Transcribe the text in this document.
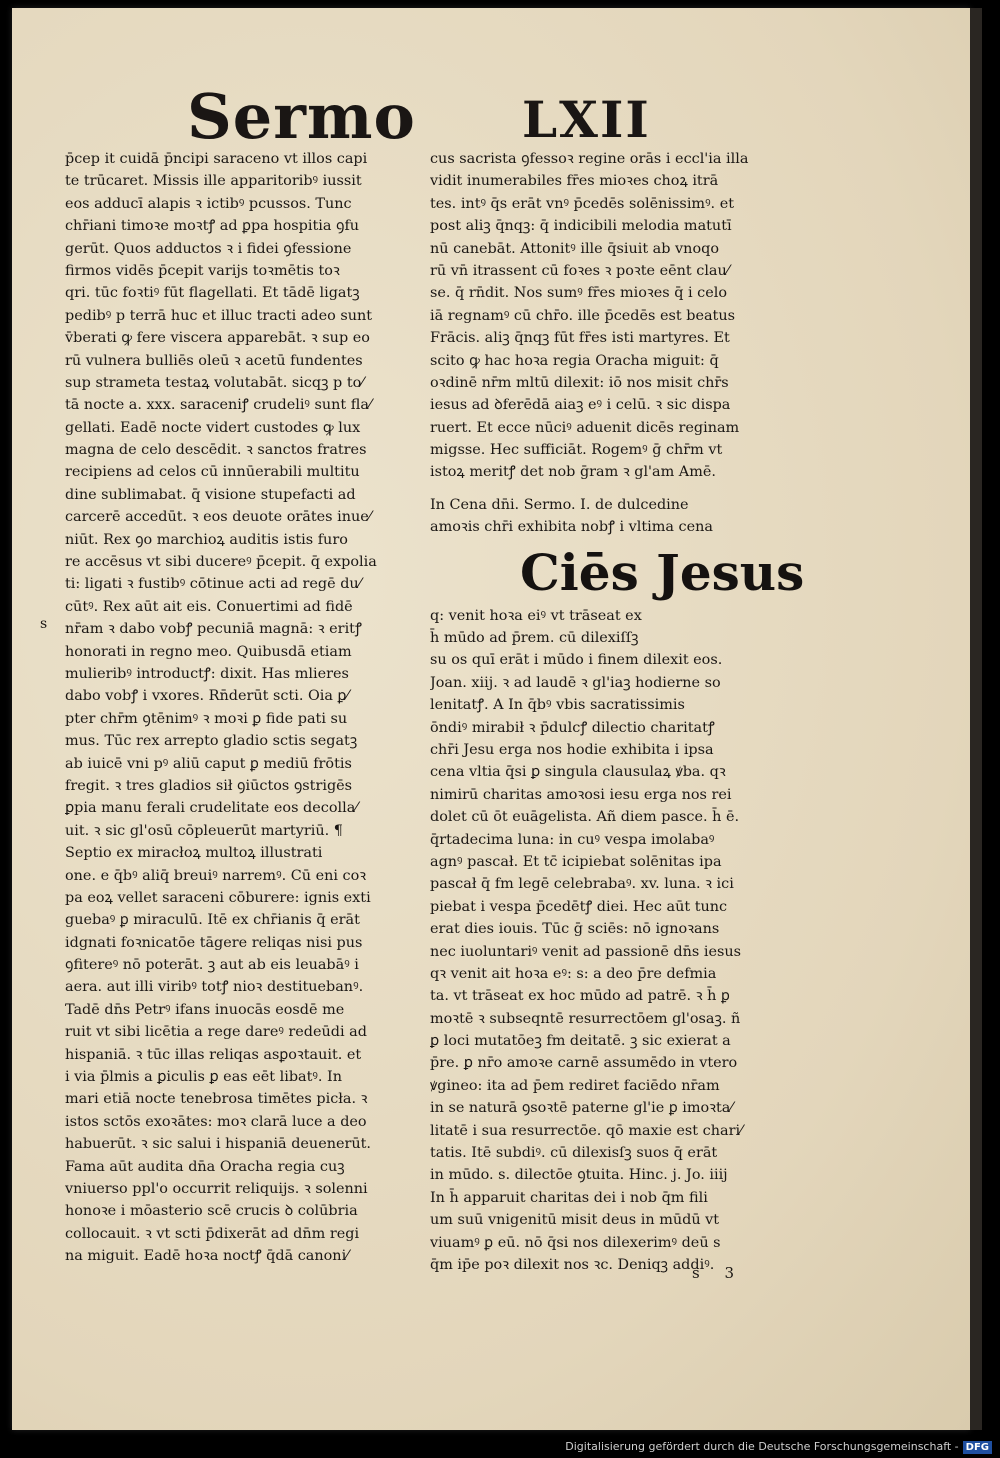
Sermo LXII
p̄cep it cuidā p̄ncipi saraceno vt illos capi
te trūcaret. Missis ille apparitoribꝰ iussit
eos adducī alapis ꝛ ictibꝰ pcussos. Tunc
chr̄iani timoꝛe moꝛtꝭ ad ꝑpa hospitia ꝯfu
gerūt. Quos adductos ꝛ i fidei ꝯfessione
firmos vidēs p̄cepit varijs toꝛmētis toꝛ
qri. tūc foꝛtiꝰ fūt flagellati. Et tādē ligatꝫ
pedibꝰ p terrā huc et illuc tracti adeo sunt
v̄berati ꝙ fere viscera apparebāt. ꝛ sup eo
rū vulnera bulliēs oleū ꝛ acetū fundentes
sup strameta testaꝝ volutabāt. sicqꝫ p to⁄
tā nocte a. xxx. saraceniꝭ crudeliꝰ sunt fla⁄
gellati. Eadē nocte vidert custodes ꝙ lux
magna de celo descēdit. ꝛ sanctos fratres
recipiens ad celos cū innūerabili multitu
dine sublimabat. q̄ visione stupefacti ad
carcerē accedūt. ꝛ eos deuote orātes inue⁄
niūt. Rex ꝯo marchioꝝ auditis istis furo
re accēsus vt sibi ducereꝰ p̄cepit. q̄ expolia
ti: ligati ꝛ fustibꝰ cōtinue acti ad regē du⁄
cūtꝰ. Rex aūt ait eis. Conuertimi ad fidē
nr̄am ꝛ dabo vobꝭ pecuniā magnā: ꝛ eritꝭ
honorati in regno meo. Quibusdā etiam
mulieribꝰ introductꝭ: dixit. Has mlieres
dabo vobꝭ i vxores. Rn̄derūt scti. Oia ꝑ⁄
pter chr̄m ꝯtēnimꝰ ꝛ moꝛi ꝑ fide pati su
mus. Tūc rex arrepto gladio sctis segatꝫ
ab iuicē vni pꝰ aliū caput ꝑ mediū frōtis
fregit. ꝛ tres gladios sił ꝯiūctos ꝯstrigēs
ꝑpia manu ferali crudelitate eos decolla⁄
uit. ꝛ sic gl'osū cōpleuerūt martyriū. ¶
Septio ex miracłoꝝ multoꝝ illustrati
one. e q̄bꝰ aliq̄ breuiꝰ narremꝰ. Cū eni coꝛ
pa eoꝝ vellet saraceni cōburere: ignis exti
guebaꝰ ꝑ miraculū. Itē ex chr̄ianis q̄ erāt
idgnati foꝛnicatōe tāgere reliqas nisi pus
ꝯfitereꝰ nō poterāt. ꝫ aut ab eis leuabāꝰ i
aera. aut illi viribꝰ totꝭ nioꝛ destituebanꝰ.
Tadē dn̄s Petrꝰ ifans inuocās eosdē me
ruit vt sibi licētia a rege dareꝰ redeūdi ad
hispaniā. ꝛ tūc illas reliqas asꝑoꝛtauit. et
i via p̄lmis a ꝑiculis ꝑ eas eēt libatꝰ. In
mari etiā nocte tenebrosa timētes picła. ꝛ
istos sctōs exoꝛātes: moꝛ clarā luce a deo
habuerūt. ꝛ sic salui i hispaniā deuenerūt.
Fama aūt audita dn̄a Oracha regia cuꝫ
vniuerso ppl'o occurrit reliquijs. ꝛ solenni
honoꝛe i mōasterio scē crucis ꝺ colūbria
collocauit. ꝛ vt scti p̄dixerāt ad dn̄m regi
na miguit. Eadē hoꝛa noctꝭ q̄dā canoni⁄
cus sacrista ꝯfessoꝛ regine orās i eccl'ia illa
vidit inumerabiles fr̄es mioꝛes choꝝ itrā
tes. intꝰ q̄s erāt vnꝰ p̄cedēs solēnissimꝰ. et
post aliꝫ q̄nqꝫ: q̄ indicibili melodia matutī
nū canebāt. Attonitꝰ ille q̄siuit ab vnoqo
rū vn̄ itrassent cū foꝛes ꝛ poꝛte eēnt clau⁄
se. q̄ rn̄dit. Nos sumꝰ fr̄es mioꝛes q̄ i celo
iā regnamꝰ cū chr̄o. ille p̄cedēs est beatus
Frācis. aliꝫ q̄nqꝫ fūt fr̄es isti martyres. Et
scito ꝙ hac hoꝛa regia Oracha miguit: q̄
oꝛdinē nr̄m mltū dilexit: iō nos misit chr̄s
iesus ad ꝺferēdā aiaꝫ eꝰ i celū. ꝛ sic dispa
ruert. Et ecce nūciꝰ aduenit dicēs reginam
migsse. Hec sufficiāt. Rogemꝰ ḡ chr̄m vt
istoꝝ meritꝭ det nob ḡram ꝛ gl'am Amē.
In Cena dn̄i. Sermo. I. de dulcedine
amoꝛis chr̄i exhibita nobꝭ i vltima cena
Ciēs Jesus
q: venit hoꝛa eiꝰ vt trāseat ex
h̄ mūdo ad p̄rem. cū dilexiſſꝫ
su os quī erāt i mūdo i finem dilexit eos.
Joan. xiij. ꝛ ad laudē ꝛ gl'iaꝫ hodierne so
lenitatꝭ. A In q̄bꝰ vbis sacratissimis
ōndiꝰ mirabił ꝛ p̄dulcꝭ dilectio charitatꝭ
chr̄i Jesu erga nos hodie exhibita i ipsa
cena vltia q̄si ꝑ singula clausulaꝝ ꝟba. qꝛ
nimirū charitas amoꝛosi iesu erga nos rei
dolet cū ōt euāgelista. Añ diem pasce. h̄ ē.
q̄rtadecima luna: in cuꝰ vespa imolabaꝰ
agnꝰ pascał. Et tc̄ icipiebat solēnitas ipa
pascał q̄ fm legē celebrabaꝰ. xv. luna. ꝛ ici
piebat i vespa p̄cedētꝭ diei. Hec aūt tunc
erat dies iouis. Tūc ḡ sciēs: nō ignoꝛans
nec iuoluntariꝰ venit ad passionē dn̄s iesus
qꝛ venit ait hoꝛa eꝰ: s: a deo p̄re defmia
ta. vt trāseat ex hoc mūdo ad patrē. ꝛ h̄ ꝑ
moꝛtē ꝛ subseqntē resurrectōem gl'osaꝫ. ñ
ꝑ loci mutatōeꝫ fm deitatē. ꝫ sic exierat a
p̄re. ꝑ nr̄o amoꝛe carnē assumēdo in vtero
ꝟgineo: ita ad p̄em rediret faciēdo nr̄am
in se naturā ꝯsoꝛtē paterne gl'ie ꝑ imoꝛta⁄
litatē i sua resurrectōe. qō maxie est chari⁄
tatis. Itē subdiꝰ. cū dilexisſꝫ suos q̄ erāt
in mūdo. s. dilectōe ꝯtuita. Hinc. j. Jo. iiij
In h̄ apparuit charitas dei i nob q̄m fili
um suū vnigenitū misit deus in mūdū vt
viuamꝰ ꝑ eū. nō q̄si nos dilexerimꝰ deū s
q̄m ip̄e poꝛ dilexit nos ꝛc. Deniqꝫ addiꝰ.
s
s 3
Digitalisierung gefördert durch die Deutsche Forschungsgemeinschaft - DFG
